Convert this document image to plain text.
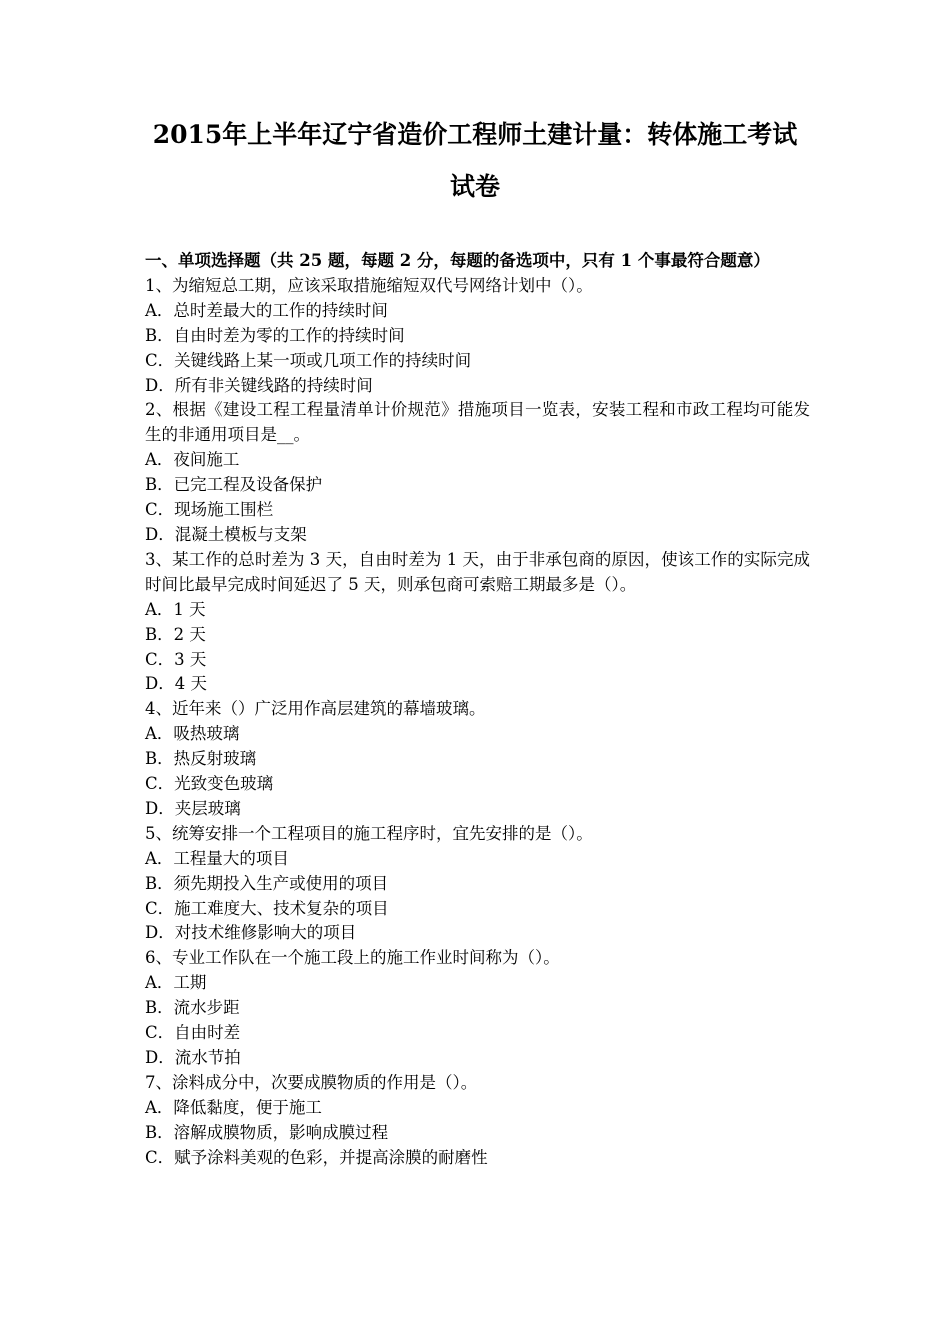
2015年上半年辽宁省造价工程师土建计量：转体施工考试
试卷
一、单项选择题（共 25 题，每题 2 分，每题的备选项中，只有 1 个事最符合题意）
1、为缩短总工期，应该采取措施缩短双代号网络计划中（）。
A．总时差最大的工作的持续时间
B．自由时差为零的工作的持续时间
C．关键线路上某一项或几项工作的持续时间
D．所有非关键线路的持续时间
2、根据《建设工程工程量清单计价规范》措施项目一览表，安装工程和市政工程均可能发生的非通用项目是__。
A．夜间施工
B．已完工程及设备保护
C．现场施工围栏
D．混凝土模板与支架
3、某工作的总时差为 3 天，自由时差为 1 天，由于非承包商的原因，使该工作的实际完成时间比最早完成时间延迟了 5 天，则承包商可索赔工期最多是（）。
A．1 天
B．2 天
C．3 天
D．4 天
4、近年来（）广泛用作高层建筑的幕墙玻璃。
A．吸热玻璃
B．热反射玻璃
C．光致变色玻璃
D．夹层玻璃
5、统筹安排一个工程项目的施工程序时，宜先安排的是（）。
A．工程量大的项目
B．须先期投入生产或使用的项目
C．施工难度大、技术复杂的项目
D．对技术维修影响大的项目
6、专业工作队在一个施工段上的施工作业时间称为（）。
A．工期
B．流水步距
C．自由时差
D．流水节拍
7、涂料成分中，次要成膜物质的作用是（）。
A．降低黏度，便于施工
B．溶解成膜物质，影响成膜过程
C．赋予涂料美观的色彩，并提高涂膜的耐磨性
